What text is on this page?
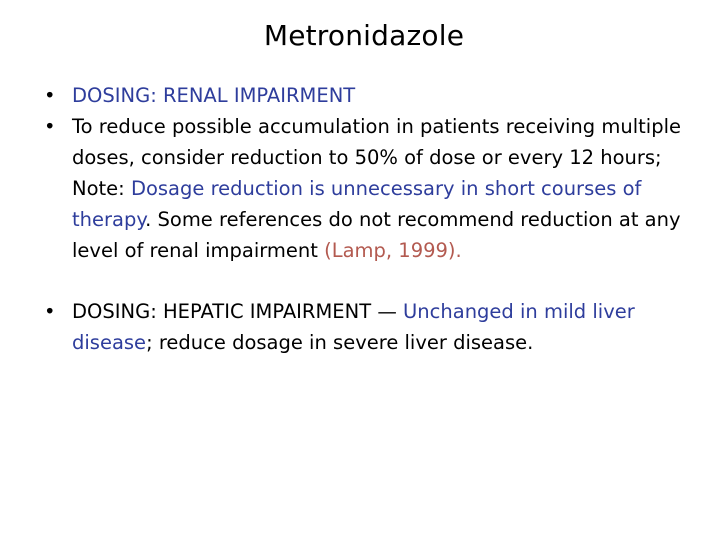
Metronidazole
• DOSING: RENAL IMPAIRMENT
• To reduce possible accumulation in patients receiving multiple doses, consider reduction to 50% of dose or every 12 hours; Note: Dosage reduction is unnecessary in short courses of therapy. Some references do not recommend reduction at any level of renal impairment (Lamp, 1999).
• DOSING: HEPATIC IMPAIRMENT — Unchanged in mild liver disease; reduce dosage in severe liver disease.
